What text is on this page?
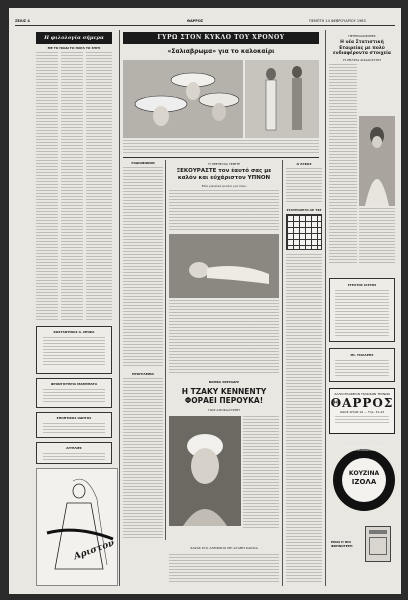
ΣΕΛΙΣ 4	ΘΑΡΡΟΣ	ΠΕΜΠΤΗ 14 ΦΕΒΡΟΥΑΡΙΟΥ 1963
Η φιλολογία σήμερα
ΜΕ ΤΟ ΠΑΙΔΙ ΤΟ ΠΑΡΑ ΤΟ ΣΠΙΤΙ
ΚΩΣΤΑΝΤΙΝΟΣ Α. ΜΠΙΚΑ
ΦΡΟΝΤΙΣΤΗΡΙΑ ΜΑΘΗΜΑΤΑ
ΕΠΟΠΤΙΚΟΣ ΟΔΗΓΟΣ
ΑΓΓΕΛΙΕΣ
Αριστον
ΓΥΡΩ ΣΤΟΝ ΚΥΚΛΟ ΤΟΥ ΧΡΟΝΟΥ
«Σαλιαβρωμα» για το καλοκαίρι
ΡΑΔΙΟΦΩΝΟΝ
ΠΡΟΓΡΑΜΜΑ
ΤΙ ΠΡΕΠΕΙ ΝΑ ΞΕΡΕΤΕ
ΞΕΚΟΥΡΑΣΤΕ τον έαυτό σας με καλόν και εύχάριστον ΥΠΝΟΝ
Μία γυναίκα μιλάει για ύπνο
ΒΟΜΒΑ ΣΚΕΡΑΔΗ!
Η ΤΖΑΚΥ ΚΕΝΝΕΝΤΥ ΦΟΡΑΕΙ ΠΕΡΟΥΚΑ!
ΠΩΣ ΑΠΟΚΑΛΥΦΘΗ
ΧΑΡΑΣ ΣΤΟ ΑΝΘΡΩΠΟ ΜΕ ΑΓΑΘΗ ΚΑΡΔΙΑ
Ο ΛΥΚΟΣ
ΣΤΑΥΡΟΛΕΞΟ ΑΡ 783
ΠΕΤΡΕΛΑΙΟΦΟΡΕΣ
Η νέα Στατιστική Εταιρείας με πολύ ενδιαφέροντα στοιχεία
Η ΖΗΛΕΙΑ ΔΙΚΑΙΟΣΥΝΗ
ΣΤΡΑΤΟΣ ΙΑΤΡΟΣ
ΜΙ. ΤΣΙΛΑΡΗΣ
ΧΑΛΚΟΓΡΑΦΕΙΟΝ ΓΡΑΦΙΚΩΝ ΤΕΧΝΩΝ
ΘΑΡΡΟΣ
ΟΔΟΣ ΑΓΙΑΝ 16 — Τηλ. 31-22
ΚΟΥΖΙΝΑ
ΙΖΟΛΑ
ΑΚΡΑΙΑ · ΜΟΝΤΕΡΝΑ · ΕΥΧΑΡΙΣΤΗ · ΕΞΟΙΚΟΝΟΜΗΣΙΣ
ΕΙΝΑΙ Η ΠΙΟ ΦΘΗΝΟΤΕΡΗ
